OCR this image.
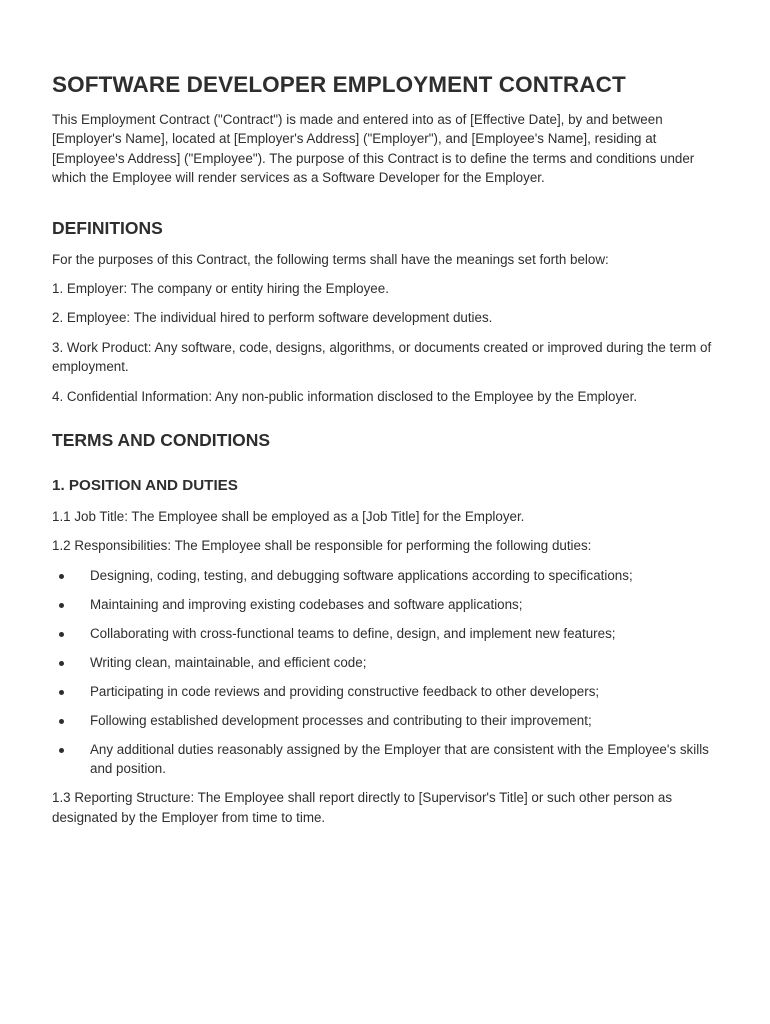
SOFTWARE DEVELOPER EMPLOYMENT CONTRACT

This Employment Contract ("Contract") is made and entered into as of [Effective Date], by and between [Employer's Name], located at [Employer's Address] ("Employer"), and [Employee's Name], residing at [Employee's Address] ("Employee"). The purpose of this Contract is to define the terms and conditions under which the Employee will render services as a Software Developer for the Employer.

DEFINITIONS

For the purposes of this Contract, the following terms shall have the meanings set forth below:

1. Employer: The company or entity hiring the Employee.

2. Employee: The individual hired to perform software development duties.

3. Work Product: Any software, code, designs, algorithms, or documents created or improved during the term of employment.

4. Confidential Information: Any non-public information disclosed to the Employee by the Employer.

TERMS AND CONDITIONS
1. POSITION AND DUTIES

1.1 Job Title: The Employee shall be employed as a [Job Title] for the Employer.

1.2 Responsibilities: The Employee shall be responsible for performing the following duties:

Designing, coding, testing, and debugging software applications according to specifications;
Maintaining and improving existing codebases and software applications;
Collaborating with cross-functional teams to define, design, and implement new features;
Writing clean, maintainable, and efficient code;
Participating in code reviews and providing constructive feedback to other developers;
Following established development processes and contributing to their improvement;
Any additional duties reasonably assigned by the Employer that are consistent with the Employee's skills and position.

1.3 Reporting Structure: The Employee shall report directly to [Supervisor's Title] or such other person as designated by the Employer from time to time.
